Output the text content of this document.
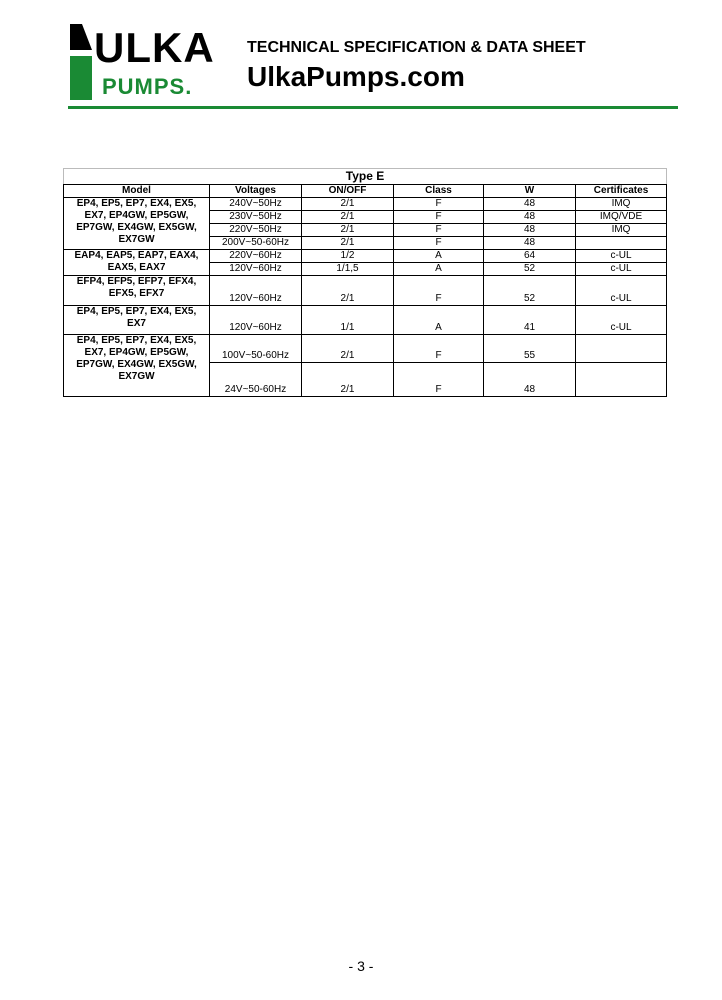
ULKA
PUMPS.
TECHNICAL SPECIFICATION & DATA SHEET
UlkaPumps.com
Type E					
Model	Voltages	ON/OFF	Class	W	Certificates
EP4, EP5, EP7, EX4, EX5, EX7, EP4GW, EP5GW, EP7GW, EX4GW, EX5GW, EX7GW	240V~50Hz	2/1	F	48	IMQ
	230V~50Hz	2/1	F	48	IMQ/VDE
	220V~50Hz	2/1	F	48	IMQ
	200V~50-60Hz	2/1	F	48	
EAP4, EAP5, EAP7, EAX4, EAX5, EAX7	220V~60Hz	1/2	A	64	c-UL
	120V~60Hz	1/1,5	A	52	c-UL
EFP4, EFP5, EFP7, EFX4, EFX5, EFX7	120V~60Hz	2/1	F	52	c-UL
EP4, EP5, EP7, EX4, EX5, EX7	120V~60Hz	1/1	A	41	c-UL
EP4, EP5, EP7, EX4, EX5, EX7, EP4GW, EP5GW, EP7GW, EX4GW, EX5GW, EX7GW	100V~50-60Hz	2/1	F	55	
	24V~50-60Hz	2/1	F	48	
- 3 -
